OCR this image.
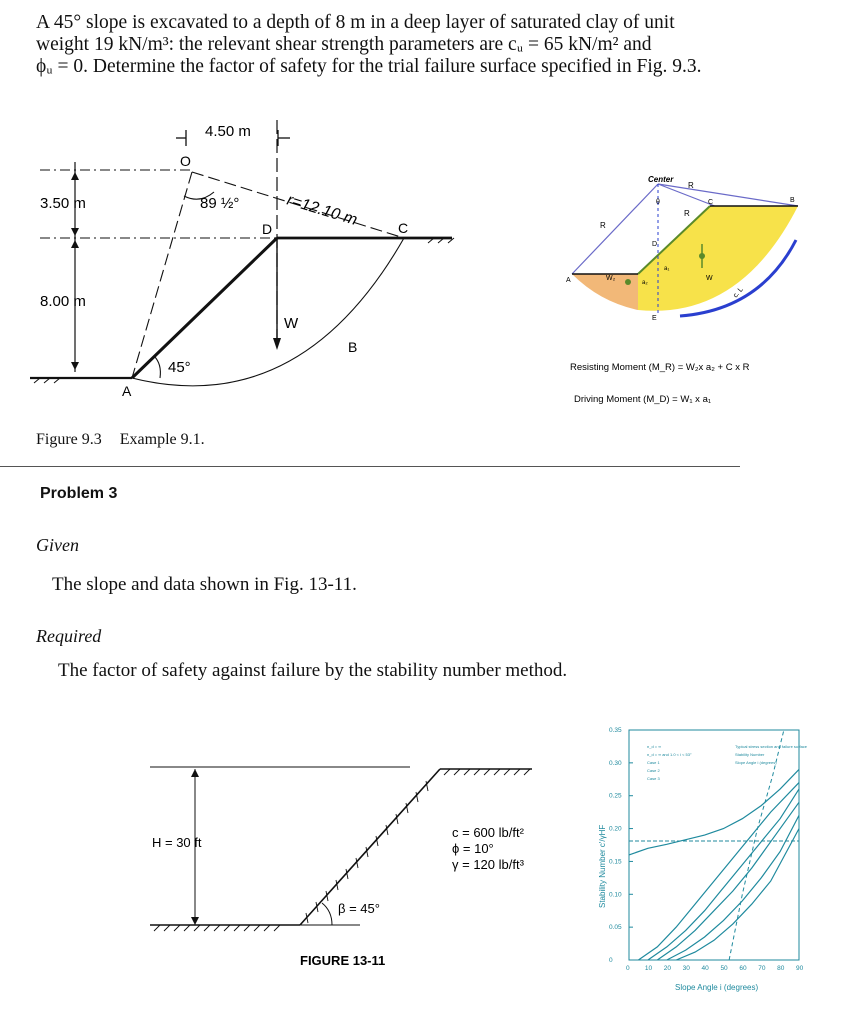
A 45° slope is excavated to a depth of 8 m in a deep layer of saturated clay of unit

weight 19 kN/m³: the relevant shear strength parameters are cᵤ = 65 kN/m² and

ϕᵤ = 0. Determine the factor of safety for the trial failure surface specified in Fig. 9.3.

4.50 m
O
3.50 m
8.00 m
89 ½°	r=12.10 m	C
D
W
B
45°
A
Figure 9.3 Example 9.1.
Center
R
R
R
θ	C	B
D
A
E
W₂
a₂
a₁
W
c. L
Resisting Moment (M_R) = W₂x a₂ + C x R
Driving Moment (M_D) = W₁ x a₁
Problem 3
Given
The slope and data shown in Fig. 13-11.
Required
The factor of safety against failure by the stability number method.
H = 30 ft
β = 45°
c = 600 lb/ft²
ϕ = 10°
γ = 120 lb/ft³
FIGURE 13-11
0 10 20 30 40 50 60 70 80 90
0
0.05
0.10
0.15
0.20
0.25
0.30
0.35
Stability Number c'/γHF
Slope Angle i (degrees)
n_d = ∞
n_d = ∞ and 1.0 < i < 53°
Case 1
Case 2
Case 3
Typical stress section and failure surface
Stability Number
Slope Angle i (degrees)
